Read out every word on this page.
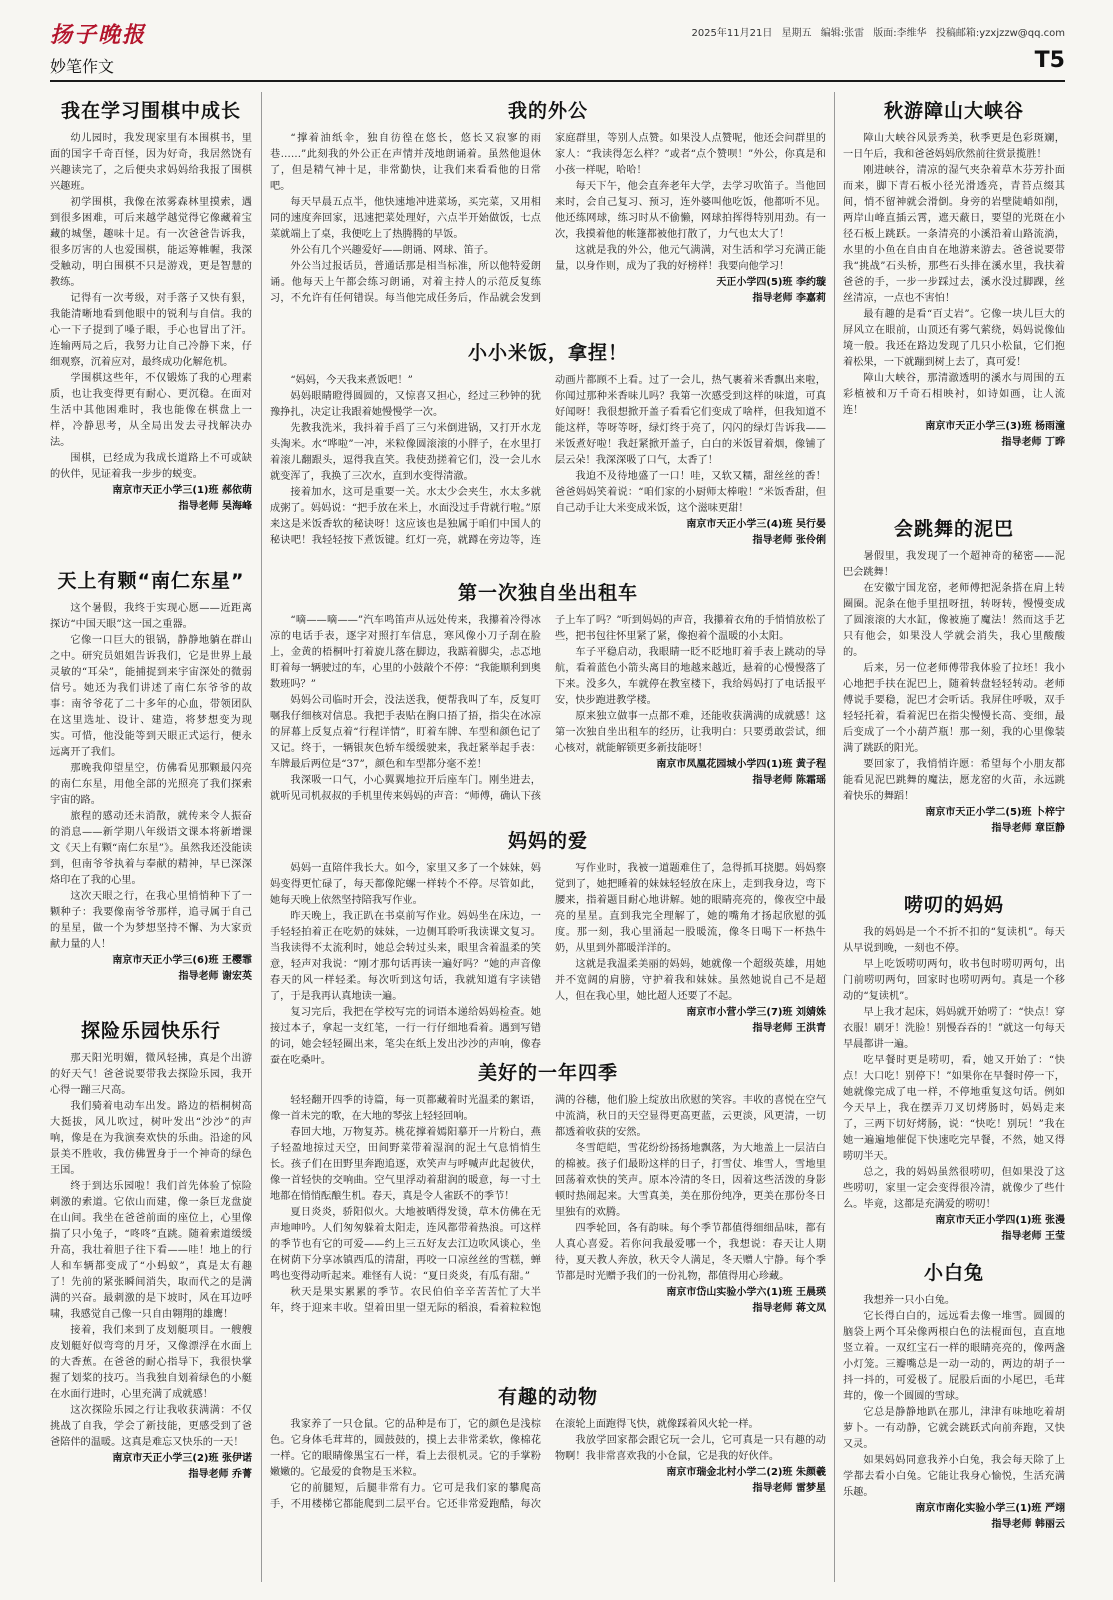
扬子晚报	2025年11月21日 星期五 编辑:张雷 版面:李维华 投稿邮箱:yzxjzzw@qq.com
妙笔作文	T5
我在学习围棋中成长

幼儿园时，我发现家里有本围棋书，里面的国字千奇百怪，因为好奇，我居然饶有兴趣读完了，之后便央求妈妈给我报了围棋兴趣班。

初学围棋，我像在浓雾森林里摸索，遇到很多困难，可后来越学越觉得它像藏着宝藏的城堡，趣味十足。有一次爸爸告诉我，很多厉害的人也爱围棋，能运筹帷幄，我深受触动，明白围棋不只是游戏，更是智慧的教练。

记得有一次考级，对手落子又快有狠，我能清晰地看到他眼中的锐利与自信。我的心一下子提到了嗓子眼，手心也冒出了汗。连输两局之后，我努力让自己冷静下来，仔细观察，沉着应对，最终成功化解危机。

学围棋这些年，不仅锻炼了我的心理素质，也让我变得更有耐心、更沉稳。在面对生活中其他困难时，我也能像在棋盘上一样，冷静思考，从全局出发去寻找解决办法。

围棋，已经成为我成长道路上不可或缺的伙伴，见证着我一步步的蜕变。

南京市天正小学三(1)班 郝依萌
指导老师 吴海峰
天上有颗“南仁东星”

这个暑假，我终于实现心愿——近距离探访“中国天眼”这一国之重器。

它像一口巨大的银锅，静静地躺在群山之中。研究员姐姐告诉我们，它是世界上最灵敏的“耳朵”，能捕捉到来宇宙深处的微弱信号。她还为我们讲述了南仁东爷爷的故事：南爷爷花了二十多年的心血，带领团队在这里选址、设计、建造，将梦想变为现实。可惜，他没能等到天眼正式运行，便永远离开了我们。

那晚我仰望星空，仿佛看见那颗最闪亮的南仁东星，用他全部的光照亮了我们探索宇宙的路。

旅程的感动还未消散，就传来令人振奋的消息——新学期八年级语文课本将新增课文《天上有颗“南仁东星”》。虽然我还没能读到，但南爷爷执着与奉献的精神，早已深深烙印在了我的心里。

这次天眼之行，在我心里悄悄种下了一颗种子：我要像南爷爷那样，追寻属于自己的星星，做一个为梦想坚持不懈、为大家贡献力量的人！

南京市天正小学三(6)班 王樱霏
指导老师 谢宏英
探险乐园快乐行

那天阳光明媚，微风轻拂，真是个出游的好天气！爸爸说要带我去探险乐园，我开心得一蹦三尺高。

我们骑着电动车出发。路边的梧桐树高大挺拔，风儿吹过，树叶发出“沙沙”的声响，像是在为我演奏欢快的乐曲。沿途的风景美不胜收，我仿佛置身于一个神奇的绿色王国。

终于到达乐园啦！我们首先体验了惊险刺激的索道。它依山而建，像一条巨龙盘旋在山间。我坐在爸爸前面的座位上，心里像揣了只小兔子，“咚咚”直跳。随着索道缓缓升高，我壮着胆子往下看——哇！地上的行人和车辆都变成了“小蚂蚁”，真是太有趣了！先前的紧张瞬间消失，取而代之的是满满的兴奋。最刺激的是下坡时，风在耳边呼啸，我感觉自己像一只自由翱翔的雄鹰！

接着，我们来到了皮划艇项目。一艘艘皮划艇好似弯弯的月牙，又像漂浮在水面上的大香蕉。在爸爸的耐心指导下，我很快掌握了划桨的技巧。当我独自划着绿色的小艇在水面行进时，心里充满了成就感！

这次探险乐园之行让我收获满满：不仅挑战了自我，学会了新技能，更感受到了爸爸陪伴的温暖。这真是难忘又快乐的一天！

南京市天正小学三(2)班 张伊诺
指导老师 乔菁
我的外公

“撑着油纸伞，独自彷徨在悠长，悠长又寂寥的雨巷……”此刻我的外公正在声情并茂地朗诵着。虽然他退休了，但是精气神十足，非常勤快，让我们来看看他的日常吧。

每天早晨五点半，他快速地冲进菜场，买完菜，又用相同的速度奔回家，迅速把菜处理好，六点半开始做饭，七点菜就端上了桌，我便吃上了热腾腾的早饭。

外公有几个兴趣爱好——朗诵、网球、笛子。

外公当过报话员，普通话那是相当标准，所以他特爱朗诵。他每天上午都会练习朗诵，对着主持人的示范反复练习，不允许有任何错误。每当他完成任务后，作品就会发到家庭群里，等别人点赞。如果没人点赞呢，他还会问群里的家人：“我读得怎么样？”或者“点个赞呗！”外公，你真是和小孩一样呢，哈哈！

每天下午，他会直奔老年大学，去学习吹笛子。当他回来时，会自己复习、预习，连外婆叫他吃饭，他都听不见。他还练网球，练习时从不偷懒，网球拍挥得特别用劲。有一次，我摸着他的帐篷都被他打散了，力气也太大了！

这就是我的外公，他元气满满，对生活和学习充满正能量，以身作则，成为了我的好榜样！我要向他学习！

天正小学四(5)班 李约璇
指导老师 李嘉莉
小小米饭，拿捏！

“妈妈，今天我来煮饭吧！”

妈妈眼睛瞪得圆圆的，又惊喜又担心，经过三秒钟的犹豫挣扎，决定让我跟着她慢慢学一次。

先教我洗米，我抖着手舀了三勺米倒进锅，又打开水龙头淘米。水“哗啦”一冲，米粒像圆滚滚的小胖子，在水里打着滚儿翻跟头，逗得我直笑。我使劲搓着它们，没一会儿水就变浑了，我换了三次水，直到水变得清澈。

接着加水，这可是重要一关。水太少会夹生，水太多就成粥了。妈妈说：“把手放在米上，水面没过手背就行啦。”原来这是米饭香软的秘诀呀！这应该也是独属于咱们中国人的秘诀吧！我轻轻按下煮饭键。红灯一亮，就蹲在旁边等，连动画片都顾不上看。过了一会儿，热气裹着米香飘出来啦，你闻过那种米香味儿吗？我第一次感受到这样的味道，可真好闻呀！我很想掀开盖子看看它们变成了啥样，但我知道不能这样，等呀等呀，绿灯终于亮了，闪闪的绿灯告诉我——米饭煮好啦！我赶紧掀开盖子，白白的米饭冒着烟，像铺了层云朵！我深深吸了口气，太香了！

我迫不及待地盛了一口！哇，又软又糯，甜丝丝的香！爸爸妈妈笑着说：“咱们家的小厨师太棒啦！”米饭香甜，但自己动手让大米变成米饭，这个滋味更甜！

南京市天正小学三(4)班 吴行晏
指导老师 张伶俐
第一次独自坐出租车

“嘀——嘀——”汽车鸣笛声从远处传来，我攥着冷得冰凉的电话手表，逐字对照打车信息，寒风像小刀子刮在脸上，金黄的梧桐叶打着旋儿落在脚边，我踮着脚尖，忐忑地盯着每一辆驶过的车，心里的小鼓敲个不停：“我能顺利到奥数班吗？”

妈妈公司临时开会，没法送我，便帮我叫了车，反复叮嘱我仔细核对信息。我把手表贴在胸口捂了捂，指尖在冰凉的屏幕上反复点着“行程详情”，盯着车牌、车型和颜色记了又记。终于，一辆银灰色轿车缓缓驶来，我赶紧举起手表：车牌最后两位是“37”，颜色和车型都分毫不差！

我深吸一口气，小心翼翼地拉开后座车门。刚坐进去，就听见司机叔叔的手机里传来妈妈的声音：“师傅，确认下孩子上车了吗？”听到妈妈的声音，我攥着衣角的手悄悄放松了些，把书包往怀里紧了紧，像抱着个温暖的小太阳。

车子平稳启动，我眼睛一眨不眨地盯着手表上跳动的导航，看着蓝色小箭头离目的地越来越近，悬着的心慢慢落了下来。没多久，车就停在教室楼下，我给妈妈打了电话报平安，快步跑进教学楼。

原来独立做事一点都不难，还能收获满满的成就感！这第一次独自坐出租车的经历，让我明白：只要勇敢尝试，细心核对，就能解锁更多新技能呀！

南京市凤凰花园城小学四(1)班 黄子程
指导老师 陈霜瑶
妈妈的爱

妈妈一直陪伴我长大。如今，家里又多了一个妹妹，妈妈变得更忙碌了，每天都像陀螺一样转个不停。尽管如此，她每天晚上依然坚持陪我写作业。

昨天晚上，我正趴在书桌前写作业。妈妈坐在床边，一手轻轻拍着正在吃奶的妹妹，一边侧耳聆听我读课文复习。当我读得不太流利时，她总会转过头来，眼里含着温柔的笑意，轻声对我说：“刚才那句话再读一遍好吗？”她的声音像春天的风一样轻柔。每次听到这句话，我就知道有字读错了，于是我再认真地读一遍。

复习完后，我把在学校写完的词语本递给妈妈检查。她接过本子，拿起一支红笔，一行一行仔细地看着。遇到写错的词，她会轻轻圈出来，笔尖在纸上发出沙沙的声响，像春蚕在吃桑叶。

写作业时，我被一道题难住了，急得抓耳挠腮。妈妈察觉到了，她把睡着的妹妹轻轻放在床上，走到我身边，弯下腰来，指着题目耐心地讲解。她的眼睛亮亮的，像夜空中最亮的星星。直到我完全理解了，她的嘴角才扬起欣慰的弧度。那一刻，我心里涌起一股暖流，像冬日喝下一杯热牛奶，从里到外都暖洋洋的。

这就是我温柔美丽的妈妈，她就像一个超级英雄，用她并不宽阔的肩膀，守护着我和妹妹。虽然她说自己不是超人，但在我心里，她比超人还要了不起。

南京市小营小学三(7)班 刘婧姝
指导老师 王洪青
美好的一年四季

轻轻翻开四季的诗篇，每一页都藏着时光温柔的絮语，像一首未完的歌，在大地的琴弦上轻轻回响。

春回大地，万物复苏。桃花撑着嫣阳摹开一片粉白，燕子轻盈地掠过天空，田间野菜带着湿润的泥土气息悄悄生长。孩子们在田野里奔跑追逐，欢笑声与呼喊声此起彼伏，像一首轻快的交响曲。空气里浮动着甜润的暖意，每一寸土地都在悄悄酝酿生机。春天，真是令人雀跃不的季节！

夏日炎炎，骄阳似火。大地被晒得发烫，草木仿佛在无声地呻吟。人们匆匆躲着太阳走，连风都带着热浪。可这样的季节也有它的可爱——约上三五好友去江边吹风谈心，坐在树荫下分享冰镇西瓜的清甜，再咬一口凉丝丝的雪糕，蝉鸣也变得动听起来。难怪有人说：“夏日炎炎，有瓜有甜。”

秋天是果实累累的季节。农民伯伯辛辛苦苦忙了大半年，终于迎来丰收。望着田里一望无际的稻浪，看着粒粒饱满的谷穗，他们脸上绽放出欣慰的笑容。丰收的喜悦在空气中流淌，秋日的天空显得更高更蓝，云更淡，风更清，一切都透着收获的安然。

冬雪皑皑，雪花纷纷扬扬地飘落，为大地盖上一层洁白的棉被。孩子们最盼这样的日子，打雪仗、堆雪人，雪地里回荡着欢快的笑声。原本冷清的冬日，因着这些活泼的身影顿时热闹起来。大雪真美，美在那份纯净，更美在那份冬日里独有的欢腾。

四季轮回，各有韵味。每个季节都值得细细品味，都有人真心喜爱。若你问我最爱哪一个，我想说：春天让人期待，夏天教人奔放，秋天令人满足，冬天赠人宁静。每个季节都是时光赠予我们的一份礼物，都值得用心珍藏。

南京市岱山实验小学六(1)班 王晨瑛
指导老师 蒋文凤
有趣的动物

我家养了一只仓鼠。它的品种是布丁，它的颜色是浅棕色。它身体毛茸茸的，圆鼓鼓的，摸上去非常柔软，像棉花一样。它的眼睛像黑宝石一样，看上去很机灵。它的手掌粉嫩嫩的。它最爱的食物是玉米粒。

它的前腿短，后腿非常有力。它可是我们家的攀爬高手，不用楼梯它都能爬到二层平台。它还非常爱跑酷，每次在滚轮上面跑得飞快，就像踩着风火轮一样。

我放学回家都会跟它玩一会儿，它可真是一只有趣的动物啊！我非常喜欢我的小仓鼠，它是我的好伙伴。

南京市瑞金北村小学二(2)班 朱颜羲
指导老师 雷梦星
秋游障山大峡谷

障山大峡谷风景秀美，秋季更是色彩斑斓，一日午后，我和爸爸妈妈欣然前往赏景揽胜！

刚进峡谷，清凉的湿气夹杂着草木芬芳扑面而来，脚下青石板小径光滑透亮，青苔点缀其间，悄不留神就会滑倒。身旁的岩壁陡峭如削，两岸山峰直插云霄，遮天蔽日，要望的光斑在小径石板上跳跃。一条清亮的小溪沿着山路流淌，水里的小鱼在自由自在地游来游去。爸爸说要带我“挑战”石头桥，那些石头排在溪水里，我扶着爸爸的手，一步一步踩过去，溪水没过脚踝，丝丝清凉，一点也不害怕！

最有趣的是看“百丈岩”。它像一块儿巨大的屏风立在眼前，山顶还有雾气萦绕，妈妈说像仙境一般。我还在路边发现了几只小松鼠，它们抱着松果，一下就蹦到树上去了，真可爱！

障山大峡谷，那清澈透明的溪水与周围的五彩植被和万千奇石相映衬，如诗如画，让人流连！

南京市天正小学三(3)班 杨雨潼
指导老师 丁晔
会跳舞的泥巴

暑假里，我发现了一个超神奇的秘密——泥巴会跳舞！

在安徽宁国龙窑，老师傅把泥条搭在肩上转圈圈。泥条在他手里扭呀扭，转呀转，慢慢变成了圆滚滚的大水缸，像被施了魔法！然而这手艺只有他会，如果没人学就会消失，我心里酸酸的。

后来，另一位老师傅带我体验了拉坯！我小心地把手扶在泥巴上，随着转盘轻轻转动。老师傅说手要稳，泥巴才会听话。我屏住呼吸，双手轻轻托着，看着泥巴在指尖慢慢长高、变细，最后变成了一个小葫芦瓶！那一刻，我的心里像装满了跳跃的阳光。

要回家了，我悄悄许愿：希望每个小朋友都能看见泥巴跳舞的魔法，愿龙窑的火苗，永远跳着快乐的舞蹈！

南京市天正小学二(5)班 卜梓宁
指导老师 章臣静
唠叨的妈妈

我的妈妈是一个不折不扣的“复读机”。每天从早说到晚，一刻也不停。

早上吃饭唠叨两句，收书包时唠叨两句，出门前唠叨两句，回家时也唠叨两句。真是一个移动的“复读机”。

早上我才起床，妈妈就开始唠了：“快点！穿衣服！刷牙！洗脸！别慢吞吞的！”就这一句每天早晨都讲一遍。

吃早餐时更是唠叨，看，她又开始了：“快点！大口吃！别停下！”如果你在早餐时停一下，她就像完成了电一样，不停地重复这句话。例如今天早上，我在摆弄刀叉切烤肠时，妈妈走来了，三两下切好烤肠，说：“快吃！别玩！”我在她一遍遍地催促下快速吃完早餐，不然，她又得唠叨半天。

总之，我的妈妈虽然很唠叨，但如果没了这些唠叨，家里一定会变得很冷清，就像少了些什么。毕竟，这都是充满爱的唠叨！

南京市天正小学四(1)班 张漫
指导老师 王莹
小白兔

我想养一只小白兔。

它长得白白的，远远看去像一堆雪。圆圆的脑袋上两个耳朵像两根白色的法棍面包，直直地竖立着。一双红宝石一样的眼睛亮亮的，像两盏小灯笼。三瓣嘴总是一动一动的，两边的胡子一抖一抖的，可爱极了。屁股后面的小尾巴，毛茸茸的，像一个圆圆的雪球。

它总是静静地趴在那儿，津津有味地吃着胡萝卜。一有动静，它就会跳跃式向前奔跑，又快又灵。

如果妈妈同意我养小白兔，我会每天除了上学都去看小白兔。它能让我身心愉悦，生活充满乐趣。

南京市南化实验小学三(1)班 严翊
指导老师 韩丽云
